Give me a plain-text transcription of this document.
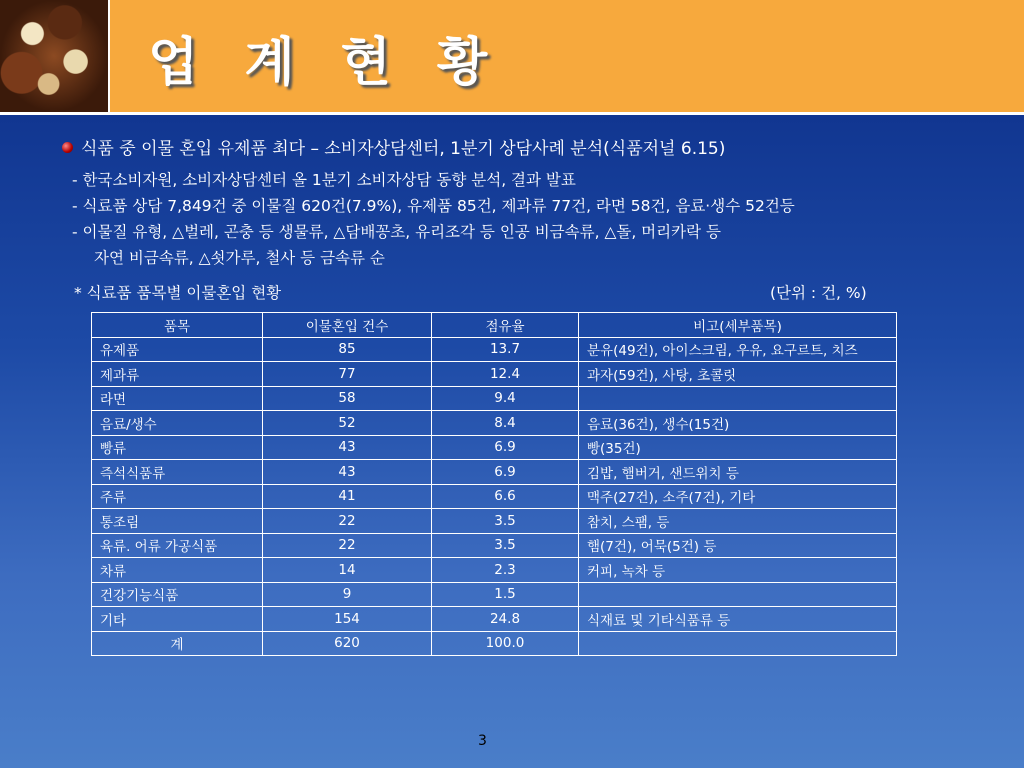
업 계 현 황
식품 중 이물 혼입 유제품 최다 – 소비자상담센터, 1분기 상담사례 분석(식품저널 6.15)
- 한국소비자원, 소비자상담센터 올 1분기 소비자상담 동향 분석, 결과 발표
- 식료품 상담 7,849건 중 이물질 620건(7.9%), 유제품 85건, 제과류 77건, 라면 58건, 음료·생수 52건등
- 이물질 유형, △벌레, 곤충 등 생물류, △담배꽁초, 유리조각 등 인공 비금속류, △돌, 머리카락 등
자연 비금속류, △쇳가루, 철사 등 금속류 순
* 식료품 품목별 이물혼입 현황	(단위 : 건, %)
품목	이물혼입 건수	점유율	비고(세부품목)
유제품	85	13.7	분유(49건), 아이스크림, 우유, 요구르트, 치즈
제과류	77	12.4	과자(59건), 사탕, 초콜릿
라면	58	9.4	
음료/생수	52	8.4	음료(36건), 생수(15건)
빵류	43	6.9	빵(35건)
즉석식품류	43	6.9	김밥, 햄버거, 샌드위치 등
주류	41	6.6	맥주(27건), 소주(7건), 기타
통조림	22	3.5	참치, 스팸, 등
육류. 어류 가공식품	22	3.5	햄(7건), 어묵(5건) 등
차류	14	2.3	커피, 녹차 등
건강기능식품	9	1.5	
기타	154	24.8	식재료 및 기타식품류 등
계	620	100.0	
3
